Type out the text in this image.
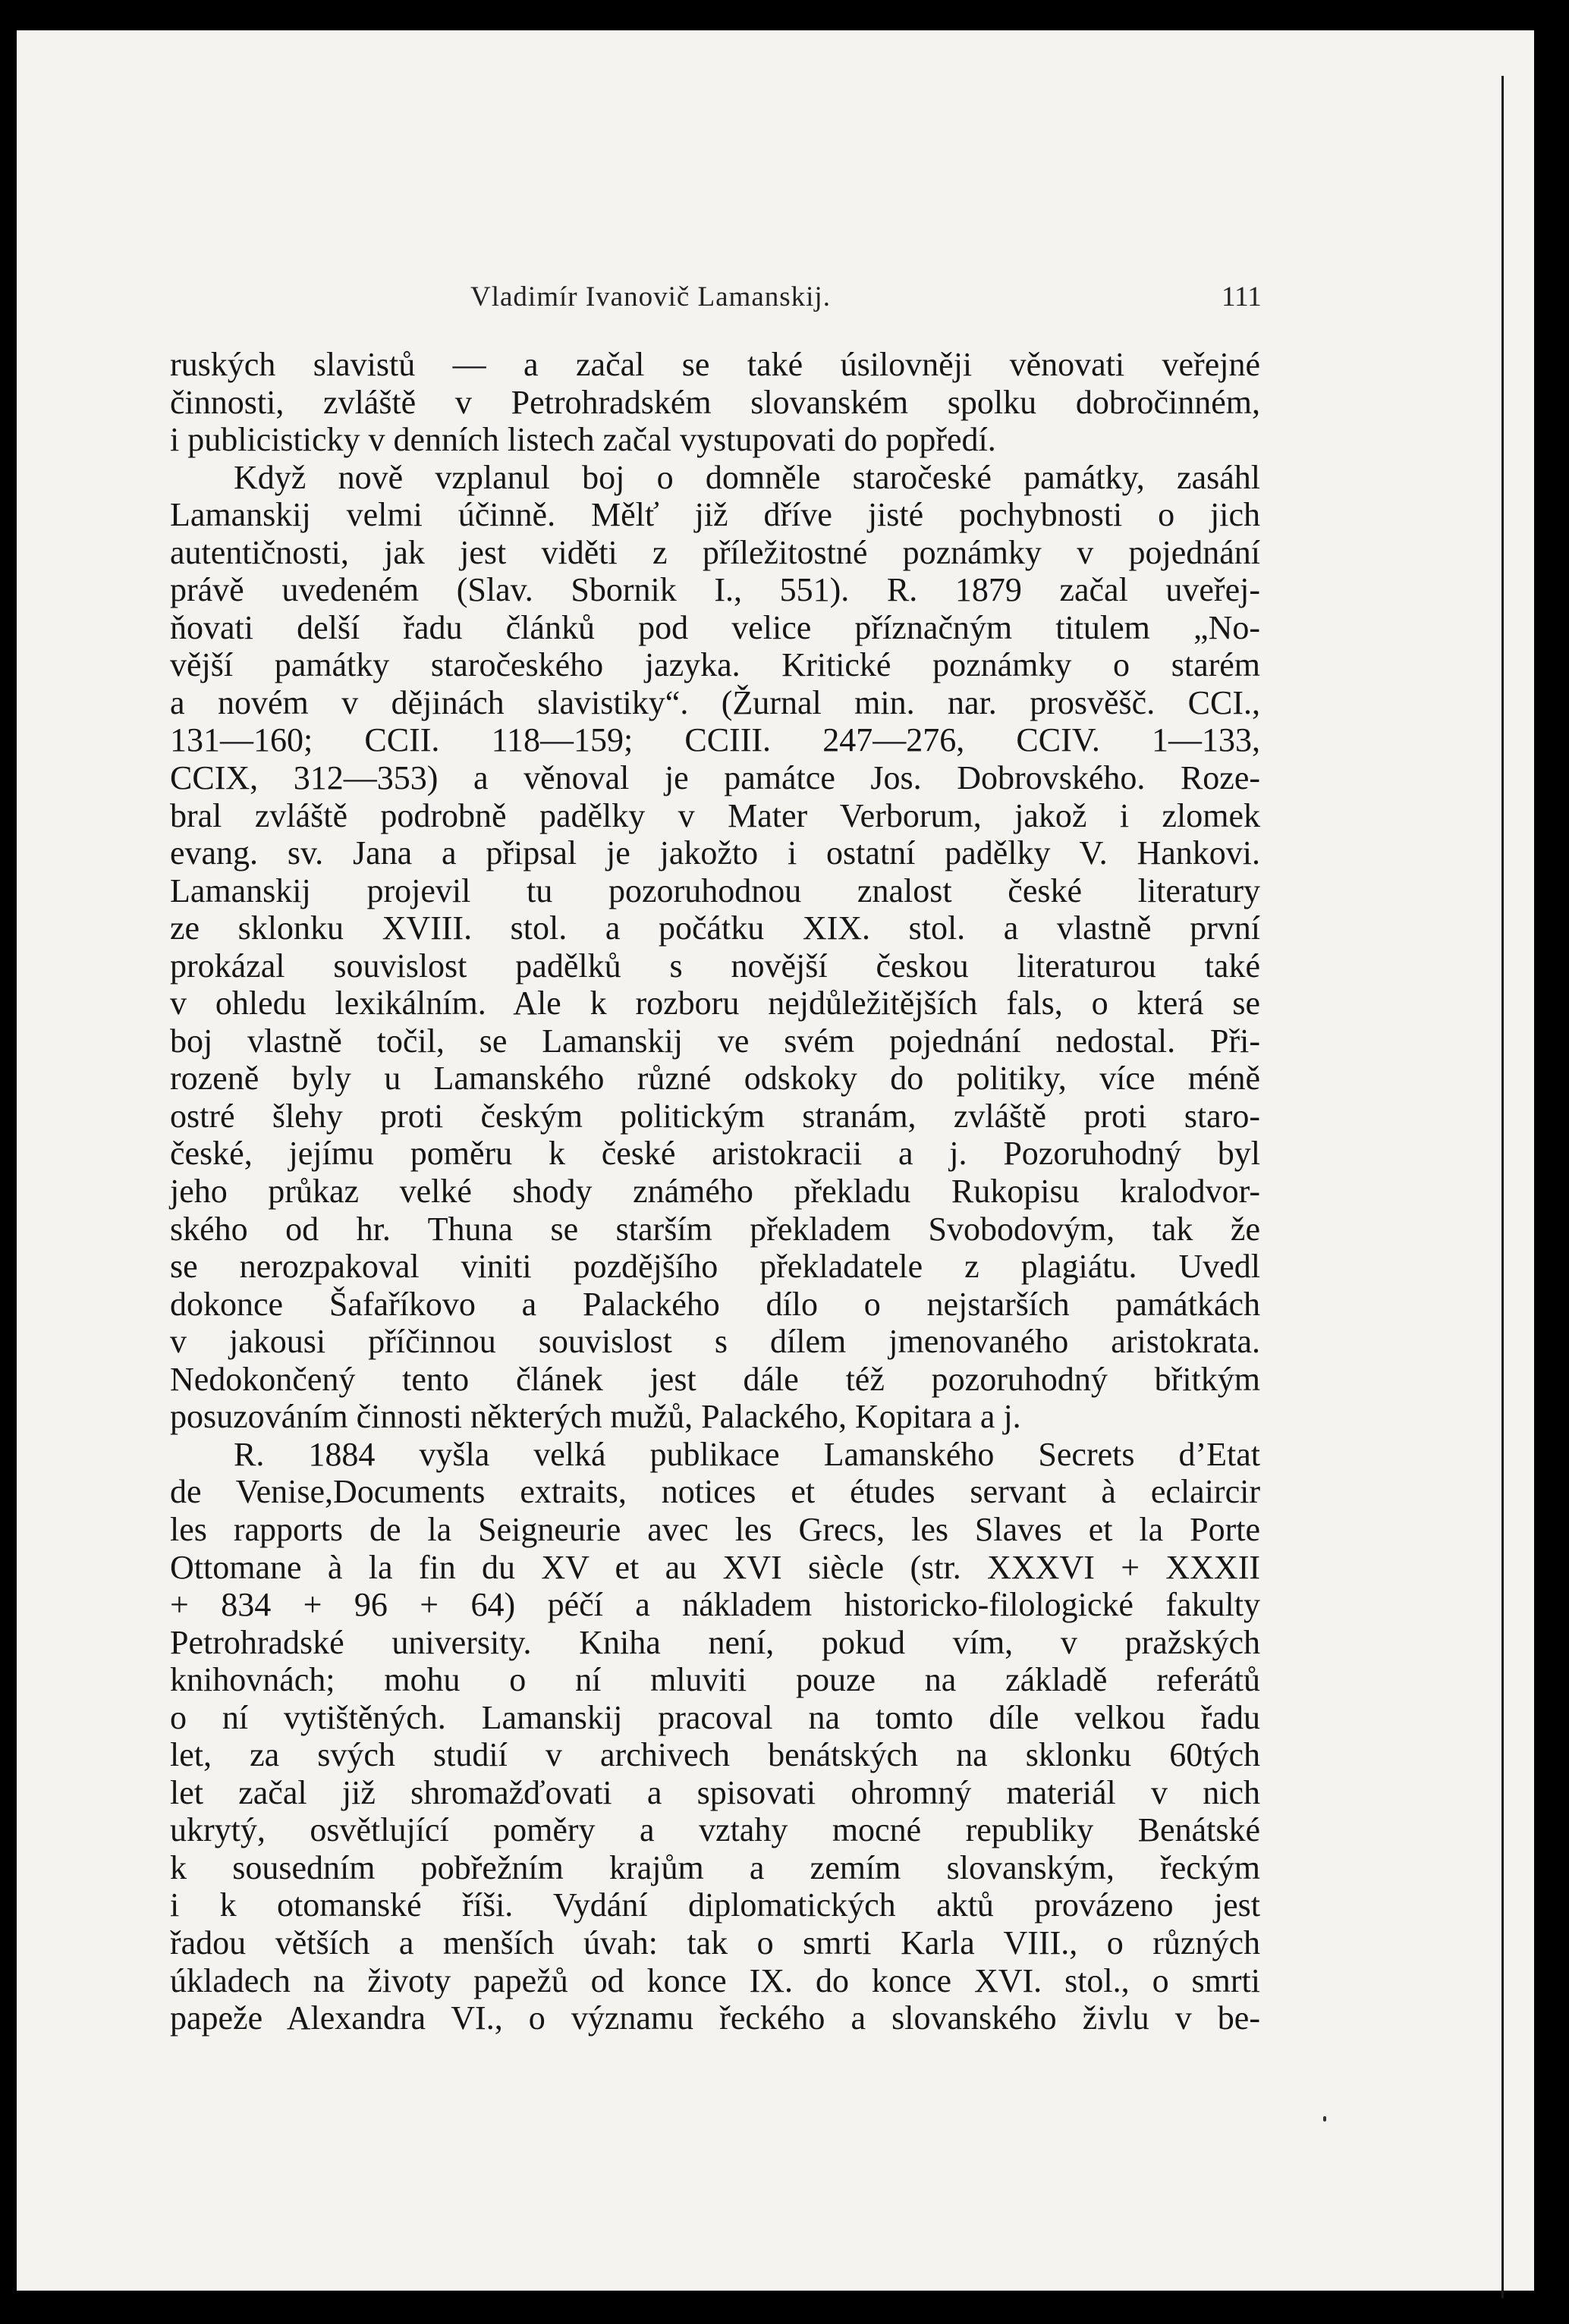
Vladimír Ivanovič Lamanskij.	111
ruských slavistů — a začal se také úsilovněji věnovati veřejné
činnosti, zvláště v Petrohradském slovanském spolku dobročinném,
i publicisticky v denních listech začal vystupovati do popředí.
Když nově vzplanul boj o domněle staročeské památky, zasáhl
Lamanskij velmi účinně. Mělť již dříve jisté pochybnosti o jich
autentičnosti, jak jest viděti z příležitostné poznámky v pojednání
právě uvedeném (Slav. Sbornik I., 551). R. 1879 začal uveřej-
ňovati delší řadu článků pod velice příznačným titulem „No-
vější památky staročeského jazyka. Kritické poznámky o starém
a novém v dějinách slavistiky“. (Žurnal min. nar. prosvěšč. CCI.,
131—160; CCII. 118—159; CCIII. 247—276, CCIV. 1—133,
CCIX, 312—353) a věnoval je památce Jos. Dobrovského. Roze-
bral zvláště podrobně padělky v Mater Verborum, jakož i zlomek
evang. sv. Jana a připsal je jakožto i ostatní padělky V. Hankovi.
Lamanskij projevil tu pozoruhodnou znalost české literatury
ze sklonku XVIII. stol. a počátku XIX. stol. a vlastně první
prokázal souvislost padělků s novější českou literaturou také
v ohledu lexikálním. Ale k rozboru nejdůležitějších fals, o která se
boj vlastně točil, se Lamanskij ve svém pojednání nedostal. Při-
rozeně byly u Lamanského různé odskoky do politiky, více méně
ostré šlehy proti českým politickým stranám, zvláště proti staro-
české, jejímu poměru k české aristokracii a j. Pozoruhodný byl
jeho průkaz velké shody známého překladu Rukopisu kralodvor-
ského od hr. Thuna se starším překladem Svobodovým, tak že
se nerozpakoval viniti pozdějšího překladatele z plagiátu. Uvedl
dokonce Šafaříkovo a Palackého dílo o nejstarších památkách
v jakousi příčinnou souvislost s dílem jmenovaného aristokrata.
Nedokončený tento článek jest dále též pozoruhodný břitkým
posuzováním činnosti některých mužů, Palackého, Kopitara a j.
R. 1884 vyšla velká publikace Lamanského Secrets d’Etat
de Venise,Documents extraits, notices et études servant à eclaircir
les rapports de la Seigneurie avec les Grecs, les Slaves et la Porte
Ottomane à la fin du XV et au XVI siècle (str. XXXVI + XXXII
+ 834 + 96 + 64) péčí a nákladem historicko-filologické fakulty
Petrohradské university. Kniha není, pokud vím, v pražských
knihovnách; mohu o ní mluviti pouze na základě referátů
o ní vytištěných. Lamanskij pracoval na tomto díle velkou řadu
let, za svých studií v archivech benátských na sklonku 60tých
let začal již shromažďovati a spisovati ohromný materiál v nich
ukrytý, osvětlující poměry a vztahy mocné republiky Benátské
k sousedním pobřežním krajům a zemím slovanským, řeckým
i k otomanské říši. Vydání diplomatických aktů provázeno jest
řadou větších a menších úvah: tak o smrti Karla VIII., o různých
úkladech na životy papežů od konce IX. do konce XVI. stol., o smrti
papeže Alexandra VI., o významu řeckého a slovanského živlu v be-
